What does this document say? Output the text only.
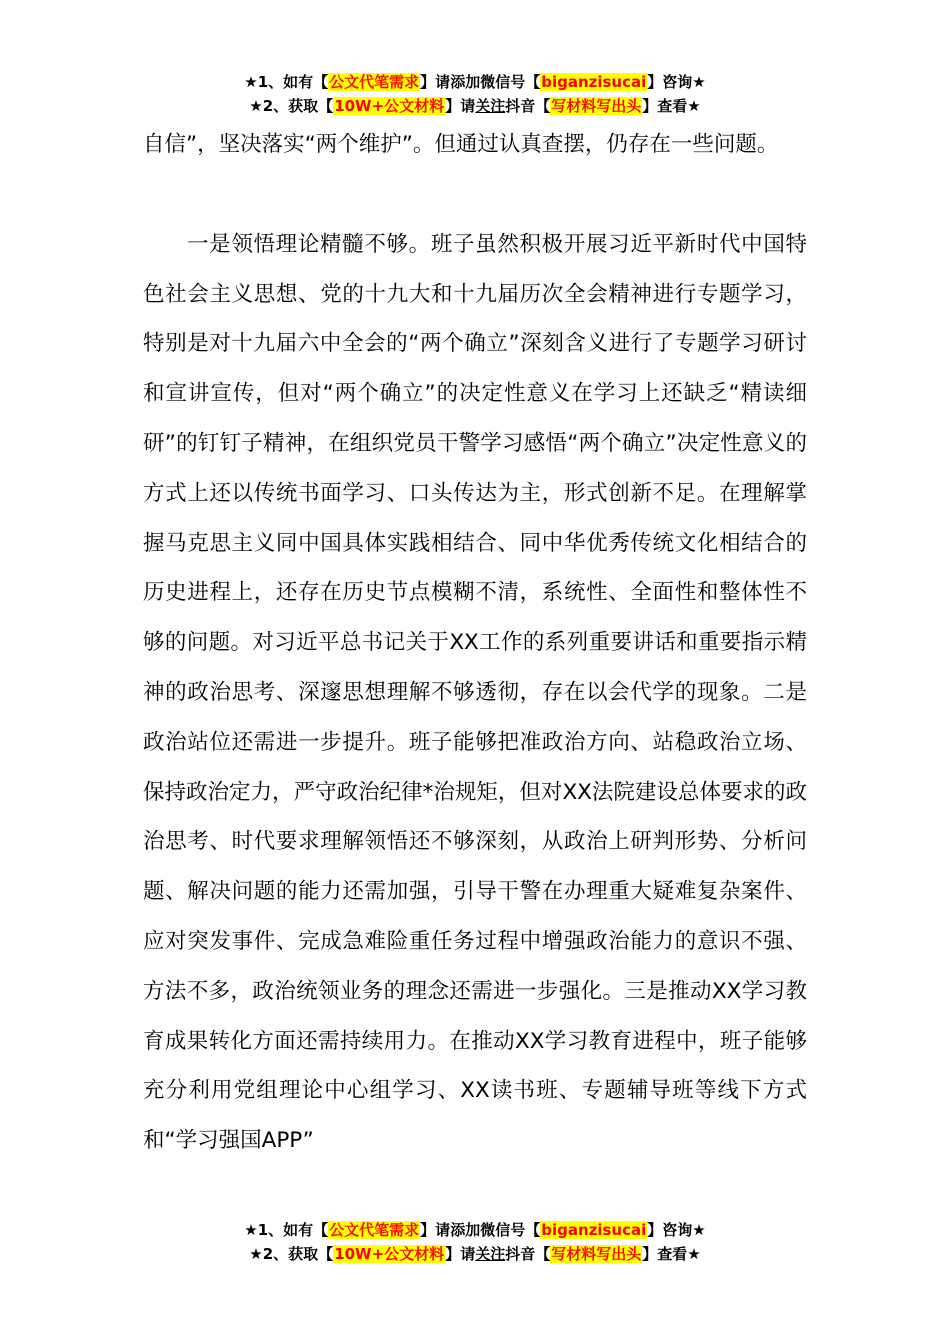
★1、如有【公文代笔需求】请添加微信号【biganzisucai】咨询★
★2、获取【10W+公文材料】请关注抖音【写材料写出头】查看★

自信”，坚决落实“两个维护”。但通过认真查摆，仍存在一些问题。

一是领悟理论精髓不够。班子虽然积极开展习近平新时代中国特色社会主义思想、党的十九大和十九届历次全会精神进行专题学习，特别是对十九届六中全会的“两个确立”深刻含义进行了专题学习研讨和宣讲宣传，但对“两个确立”的决定性意义在学习上还缺乏“精读细研”的钉钉子精神，在组织党员干警学习感悟“两个确立”决定性意义的方式上还以传统书面学习、口头传达为主，形式创新不足。在理解掌握马克思主义同中国具体实践相结合、同中华优秀传统文化相结合的历史进程上，还存在历史节点模糊不清，系统性、全面性和整体性不够的问题。对习近平总书记关于XX工作的系列重要讲话和重要指示精神的政治思考、深邃思想理解不够透彻，存在以会代学的现象。二是政治站位还需进一步提升。班子能够把准政治方向、站稳政治立场、保持政治定力，严守政治纪律*治规矩，但对XX法院建设总体要求的政治思考、时代要求理解领悟还不够深刻，从政治上研判形势、分析问题、解决问题的能力还需加强，引导干警在办理重大疑难复杂案件、应对突发事件、完成急难险重任务过程中增强政治能力的意识不强、方法不多，政治统领业务的理念还需进一步强化。三是推动XX学习教育成果转化方面还需持续用力。在推动XX学习教育进程中，班子能够充分利用党组理论中心组学习、XX读书班、专题辅导班等线下方式和“学习强国APP”

★1、如有【公文代笔需求】请添加微信号【biganzisucai】咨询★
★2、获取【10W+公文材料】请关注抖音【写材料写出头】查看★
